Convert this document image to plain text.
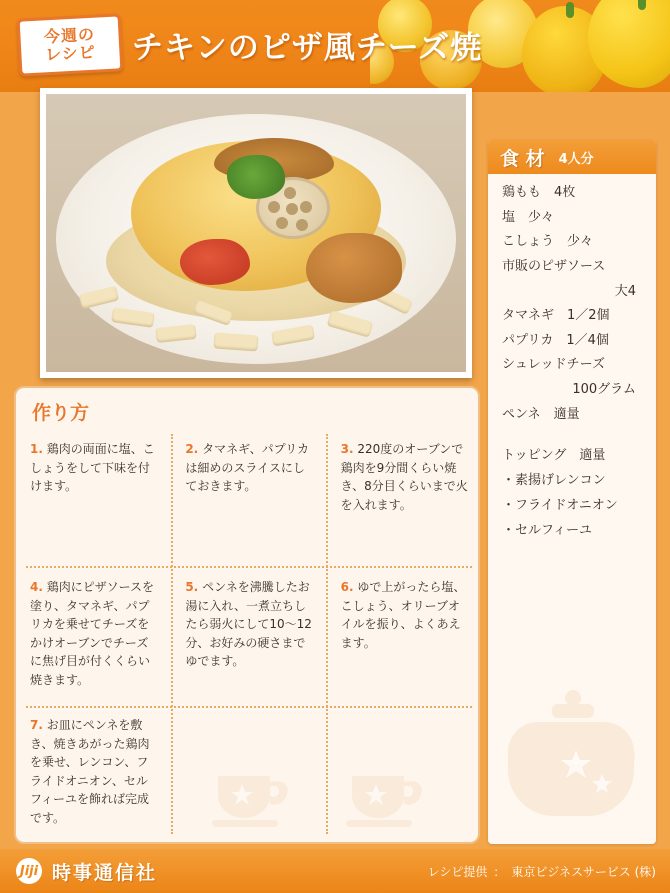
今週の
レシピ チキンのピザ風チーズ焼
食 材 4人分
鶏もも　4枚
塩　少々
こしょう　少々
市販のピザソース
大4
タマネギ　1／2個
パプリカ　1／4個
シュレッドチーズ
100グラム
ペンネ　適量
トッピング　適量
・素揚げレンコン
・フライドオニオン
・セルフィーユ
作り方
1. 鶏肉の両面に塩、こしょうをして下味を付けます。
2. タマネギ、パプリカは細めのスライスにしておきます。
3. 220度のオーブンで鶏肉を9分間くらい焼き、8分目くらいまで火を入れます。
4. 鶏肉にピザソースを塗り、タマネギ、パプリカを乗せてチーズをかけオーブンでチーズに焦げ目が付くくらい焼きます。
5. ペンネを沸騰したお湯に入れ、一煮立ちしたら弱火にして10〜12分、お好みの硬さまでゆでます。
6. ゆで上がったら塩、こしょう、オリーブオイルを振り、よくあえます。
7. お皿にペンネを敷き、焼きあがった鶏肉を乗せ、レンコン、フライドオニオン、セルフィーユを飾れば完成です。
Jiji 時事通信社	レシピ提供 ： 東京ビジネスサービス (株)
